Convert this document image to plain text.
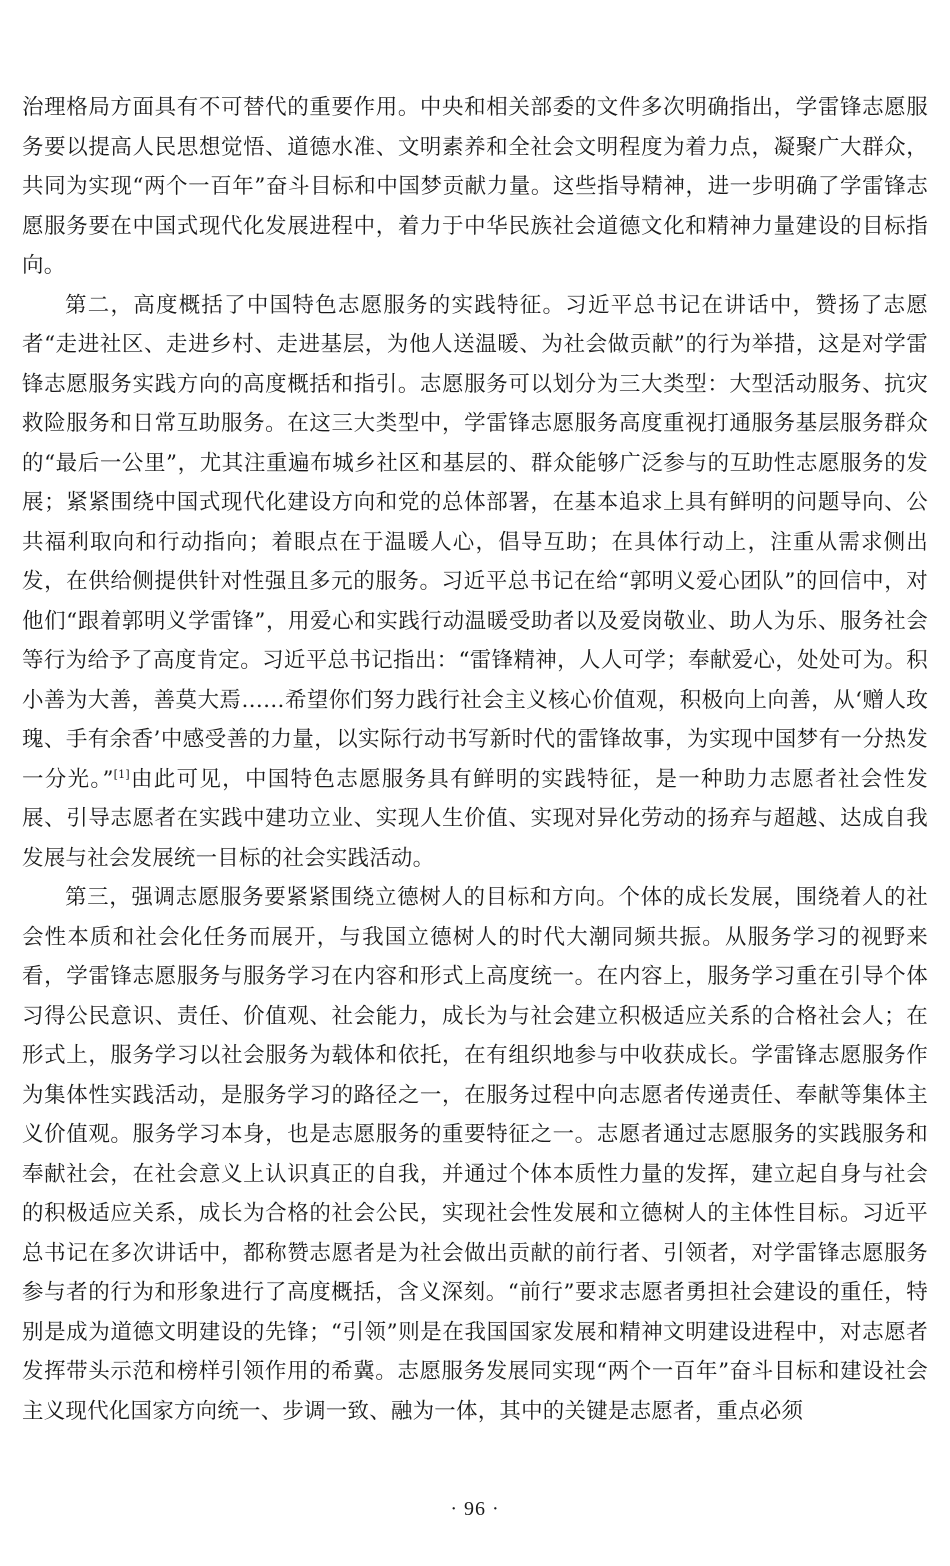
治理格局方面具有不可替代的重要作用。中央和相关部委的文件多次明确指出，学雷锋志愿服务要以提高人民思想觉悟、道德水准、文明素养和全社会文明程度为着力点，凝聚广大群众，共同为实现“两个一百年”奋斗目标和中国梦贡献力量。这些指导精神，进一步明确了学雷锋志愿服务要在中国式现代化发展进程中，着力于中华民族社会道德文化和精神力量建设的目标指向。

第二，高度概括了中国特色志愿服务的实践特征。习近平总书记在讲话中，赞扬了志愿者“走进社区、走进乡村、走进基层，为他人送温暖、为社会做贡献”的行为举措，这是对学雷锋志愿服务实践方向的高度概括和指引。志愿服务可以划分为三大类型：大型活动服务、抗灾救险服务和日常互助服务。在这三大类型中，学雷锋志愿服务高度重视打通服务基层服务群众的“最后一公里”，尤其注重遍布城乡社区和基层的、群众能够广泛参与的互助性志愿服务的发展；紧紧围绕中国式现代化建设方向和党的总体部署，在基本追求上具有鲜明的问题导向、公共福利取向和行动指向；着眼点在于温暖人心，倡导互助；在具体行动上，注重从需求侧出发，在供给侧提供针对性强且多元的服务。习近平总书记在给“郭明义爱心团队”的回信中，对他们“跟着郭明义学雷锋”，用爱心和实践行动温暖受助者以及爱岗敬业、助人为乐、服务社会等行为给予了高度肯定。习近平总书记指出：“雷锋精神，人人可学；奉献爱心，处处可为。积小善为大善，善莫大焉……希望你们努力践行社会主义核心价值观，积极向上向善，从‘赠人玫瑰、手有余香’中感受善的力量，以实际行动书写新时代的雷锋故事，为实现中国梦有一分热发一分光。”[1]由此可见，中国特色志愿服务具有鲜明的实践特征，是一种助力志愿者社会性发展、引导志愿者在实践中建功立业、实现人生价值、实现对异化劳动的扬弃与超越、达成自我发展与社会发展统一目标的社会实践活动。

第三，强调志愿服务要紧紧围绕立德树人的目标和方向。个体的成长发展，围绕着人的社会性本质和社会化任务而展开，与我国立德树人的时代大潮同频共振。从服务学习的视野来看，学雷锋志愿服务与服务学习在内容和形式上高度统一。在内容上，服务学习重在引导个体习得公民意识、责任、价值观、社会能力，成长为与社会建立积极适应关系的合格社会人；在形式上，服务学习以社会服务为载体和依托，在有组织地参与中收获成长。学雷锋志愿服务作为集体性实践活动，是服务学习的路径之一，在服务过程中向志愿者传递责任、奉献等集体主义价值观。服务学习本身，也是志愿服务的重要特征之一。志愿者通过志愿服务的实践服务和奉献社会，在社会意义上认识真正的自我，并通过个体本质性力量的发挥，建立起自身与社会的积极适应关系，成长为合格的社会公民，实现社会性发展和立德树人的主体性目标。习近平总书记在多次讲话中，都称赞志愿者是为社会做出贡献的前行者、引领者，对学雷锋志愿服务参与者的行为和形象进行了高度概括，含义深刻。“前行”要求志愿者勇担社会建设的重任，特别是成为道德文明建设的先锋；“引领”则是在我国国家发展和精神文明建设进程中，对志愿者发挥带头示范和榜样引领作用的希冀。志愿服务发展同实现“两个一百年”奋斗目标和建设社会主义现代化国家方向统一、步调一致、融为一体，其中的关键是志愿者，重点必须

· 96 ·
